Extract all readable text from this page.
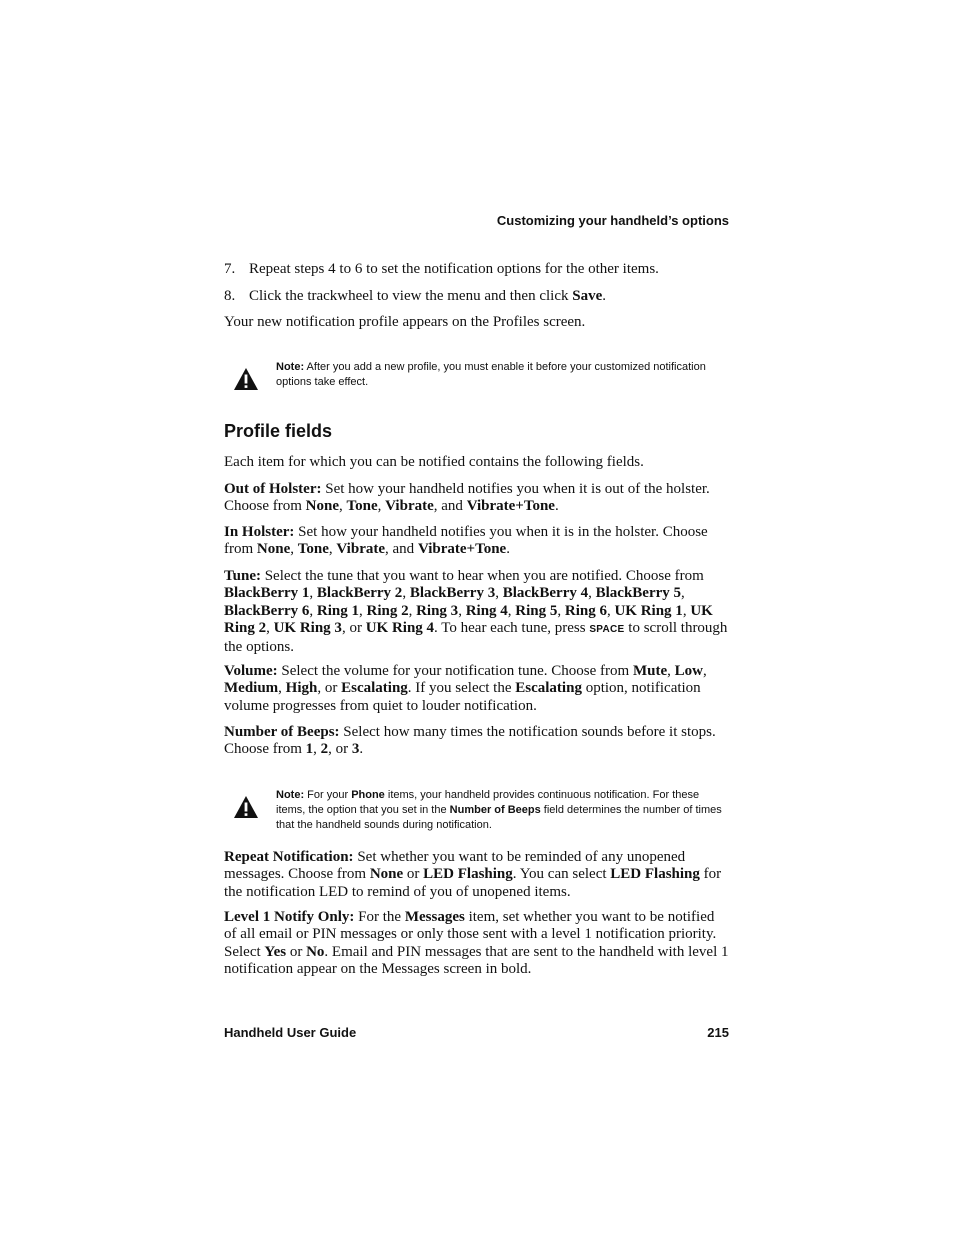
Customizing your handheld’s options
7. Repeat steps 4 to 6 to set the notification options for the other items.
8. Click the trackwheel to view the menu and then click Save.
Your new notification profile appears on the Profiles screen.
Note: After you add a new profile, you must enable it before your customized notification options take effect.
Profile fields
Each item for which you can be notified contains the following fields.
Out of Holster: Set how your handheld notifies you when it is out of the holster. Choose from None, Tone, Vibrate, and Vibrate+Tone.
In Holster: Set how your handheld notifies you when it is in the holster. Choose from None, Tone, Vibrate, and Vibrate+Tone.
Tune: Select the tune that you want to hear when you are notified. Choose from BlackBerry 1, BlackBerry 2, BlackBerry 3, BlackBerry 4, BlackBerry 5, BlackBerry 6, Ring 1, Ring 2, Ring 3, Ring 4, Ring 5, Ring 6, UK Ring 1, UK Ring 2, UK Ring 3, or UK Ring 4. To hear each tune, press SPACE to scroll through the options.
Volume: Select the volume for your notification tune. Choose from Mute, Low, Medium, High, or Escalating. If you select the Escalating option, notification volume progresses from quiet to louder notification.
Number of Beeps: Select how many times the notification sounds before it stops. Choose from 1, 2, or 3.
Note: For your Phone items, your handheld provides continuous notification. For these items, the option that you set in the Number of Beeps field determines the number of times that the handheld sounds during notification.
Repeat Notification: Set whether you want to be reminded of any unopened messages. Choose from None or LED Flashing. You can select LED Flashing for the notification LED to remind of you of unopened items.
Level 1 Notify Only: For the Messages item, set whether you want to be notified of all email or PIN messages or only those sent with a level 1 notification priority. Select Yes or No. Email and PIN messages that are sent to the handheld with level 1 notification appear on the Messages screen in bold.
Handheld User Guide	215
